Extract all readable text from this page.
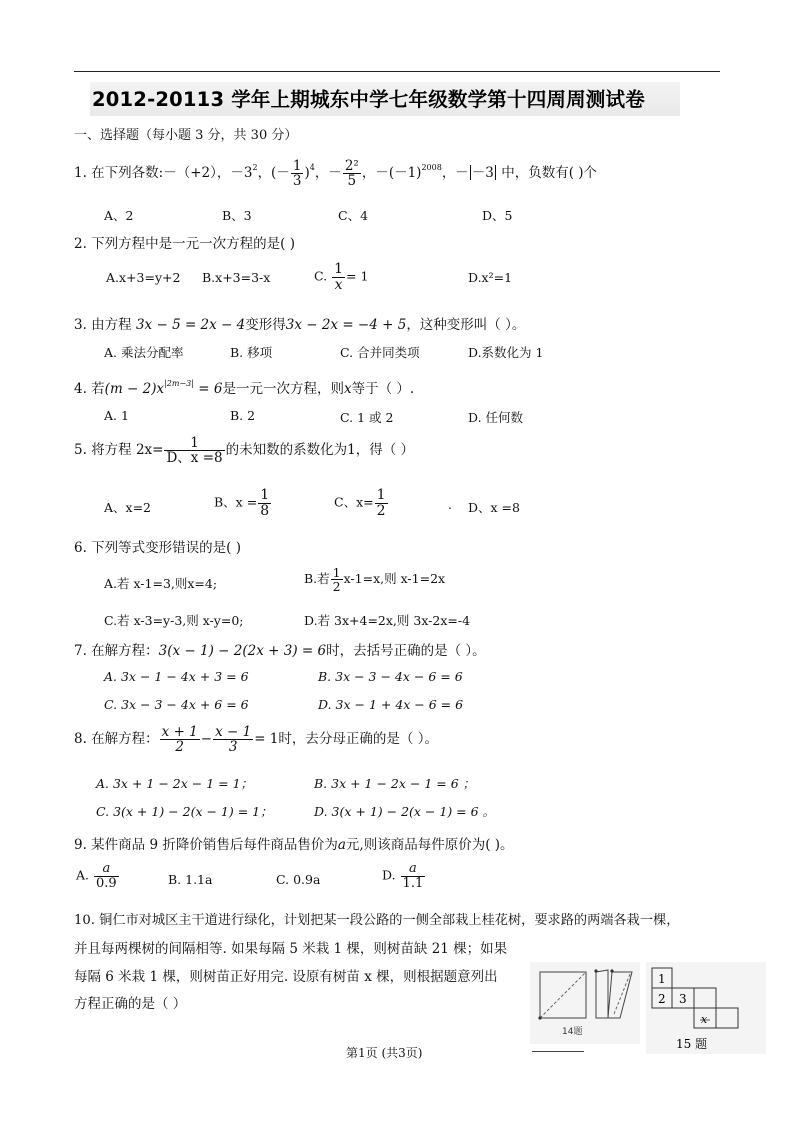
2012-20113 学年上期城东中学七年级数学第十四周周测试卷
一、选择题（每小题 3 分，共 30 分）
1. 在下列各数:－（+2），$-3^2$，(－ $\frac{1}{3} )^4$，－ $\frac{\text{2²}}{5}$ ，$-(-1)^{2008}$，－ －3 中，负数有( )个
A、2	B、3	C、4	D、5
2. 下列方程中是一元一次方程的是( )
A.x+3=y+2 B.x+3=3-x	C. $\frac{1}{x} = 1$	D.x²=1
3. 由方程 3x − 5 = 2x − 4变形得3x − 2x = −4 + 5，这种变形叫（ ）。
A. 乘法分配率	B. 移项	C. 合并同类项	D.系数化为 1
4. 若$(m - 2)x^{|2m-3|} = 6$是一元一次方程，则x等于（ ）.
A. 1	B. 2	C. 1 或 2	D. 任何数
5. 将方程 $2x= \frac{1}{D、x =8}$ 的未知数的系数化为1，得（ ）
A、x=2	B、$x = \frac{1}{8}$	C、$x= \frac{1}{2}$	. D、x =8
6. 下列等式变形错误的是( )
A.若 x-1=3,则x=4;	B.若 $\frac{1}{2} x-1=x$,则 x-1=2x
C.若 x-3=y-3,则 x-y=0;	D.若 3x+4=2x,则 3x-2x=-4
7. 在解方程：3(x − 1) − 2(2x + 3) = 6时，去括号正确的是（ ）。
A. 3x − 1 − 4x + 3 = 6	B. 3x − 3 − 4x − 6 = 6
C. 3x − 3 − 4x + 6 = 6	D. 3x − 1 + 4x − 6 = 6
8. 在解方程： $\frac{x + 1}{2} - \frac{x - 1}{3} = 1$时，去分母正确的是（ ）。
A. 3x + 1 − 2x − 1 = 1；	B. 3x + 1 − 2x − 1 = 6 ；
C. 3(x + 1) − 2(x − 1) = 1；	D. 3(x + 1) − 2(x − 1) = 6 。
9. 某件商品 9 折降价销售后每件商品售价为a元,则该商品每件原价为( )。
A. $\frac{a}{0.9}$	B. 1.1a	C. 0.9a	D. $\frac{a}{1.1}$
10. 铜仁市对城区主干道进行绿化，计划把某一段公路的一侧全部栽上桂花树，要求路的两端各栽一棵，
并且每两棵树的间隔相等. 如果每隔 5 米栽 1 棵，则树苗缺 21 棵；如果
每隔 6 米栽 1 棵，则树苗正好用完. 设原有树苗 x 棵，则根据题意列出
方程正确的是（ ）
14题
1
2 3
x
15 题
第1页 (共3页)
